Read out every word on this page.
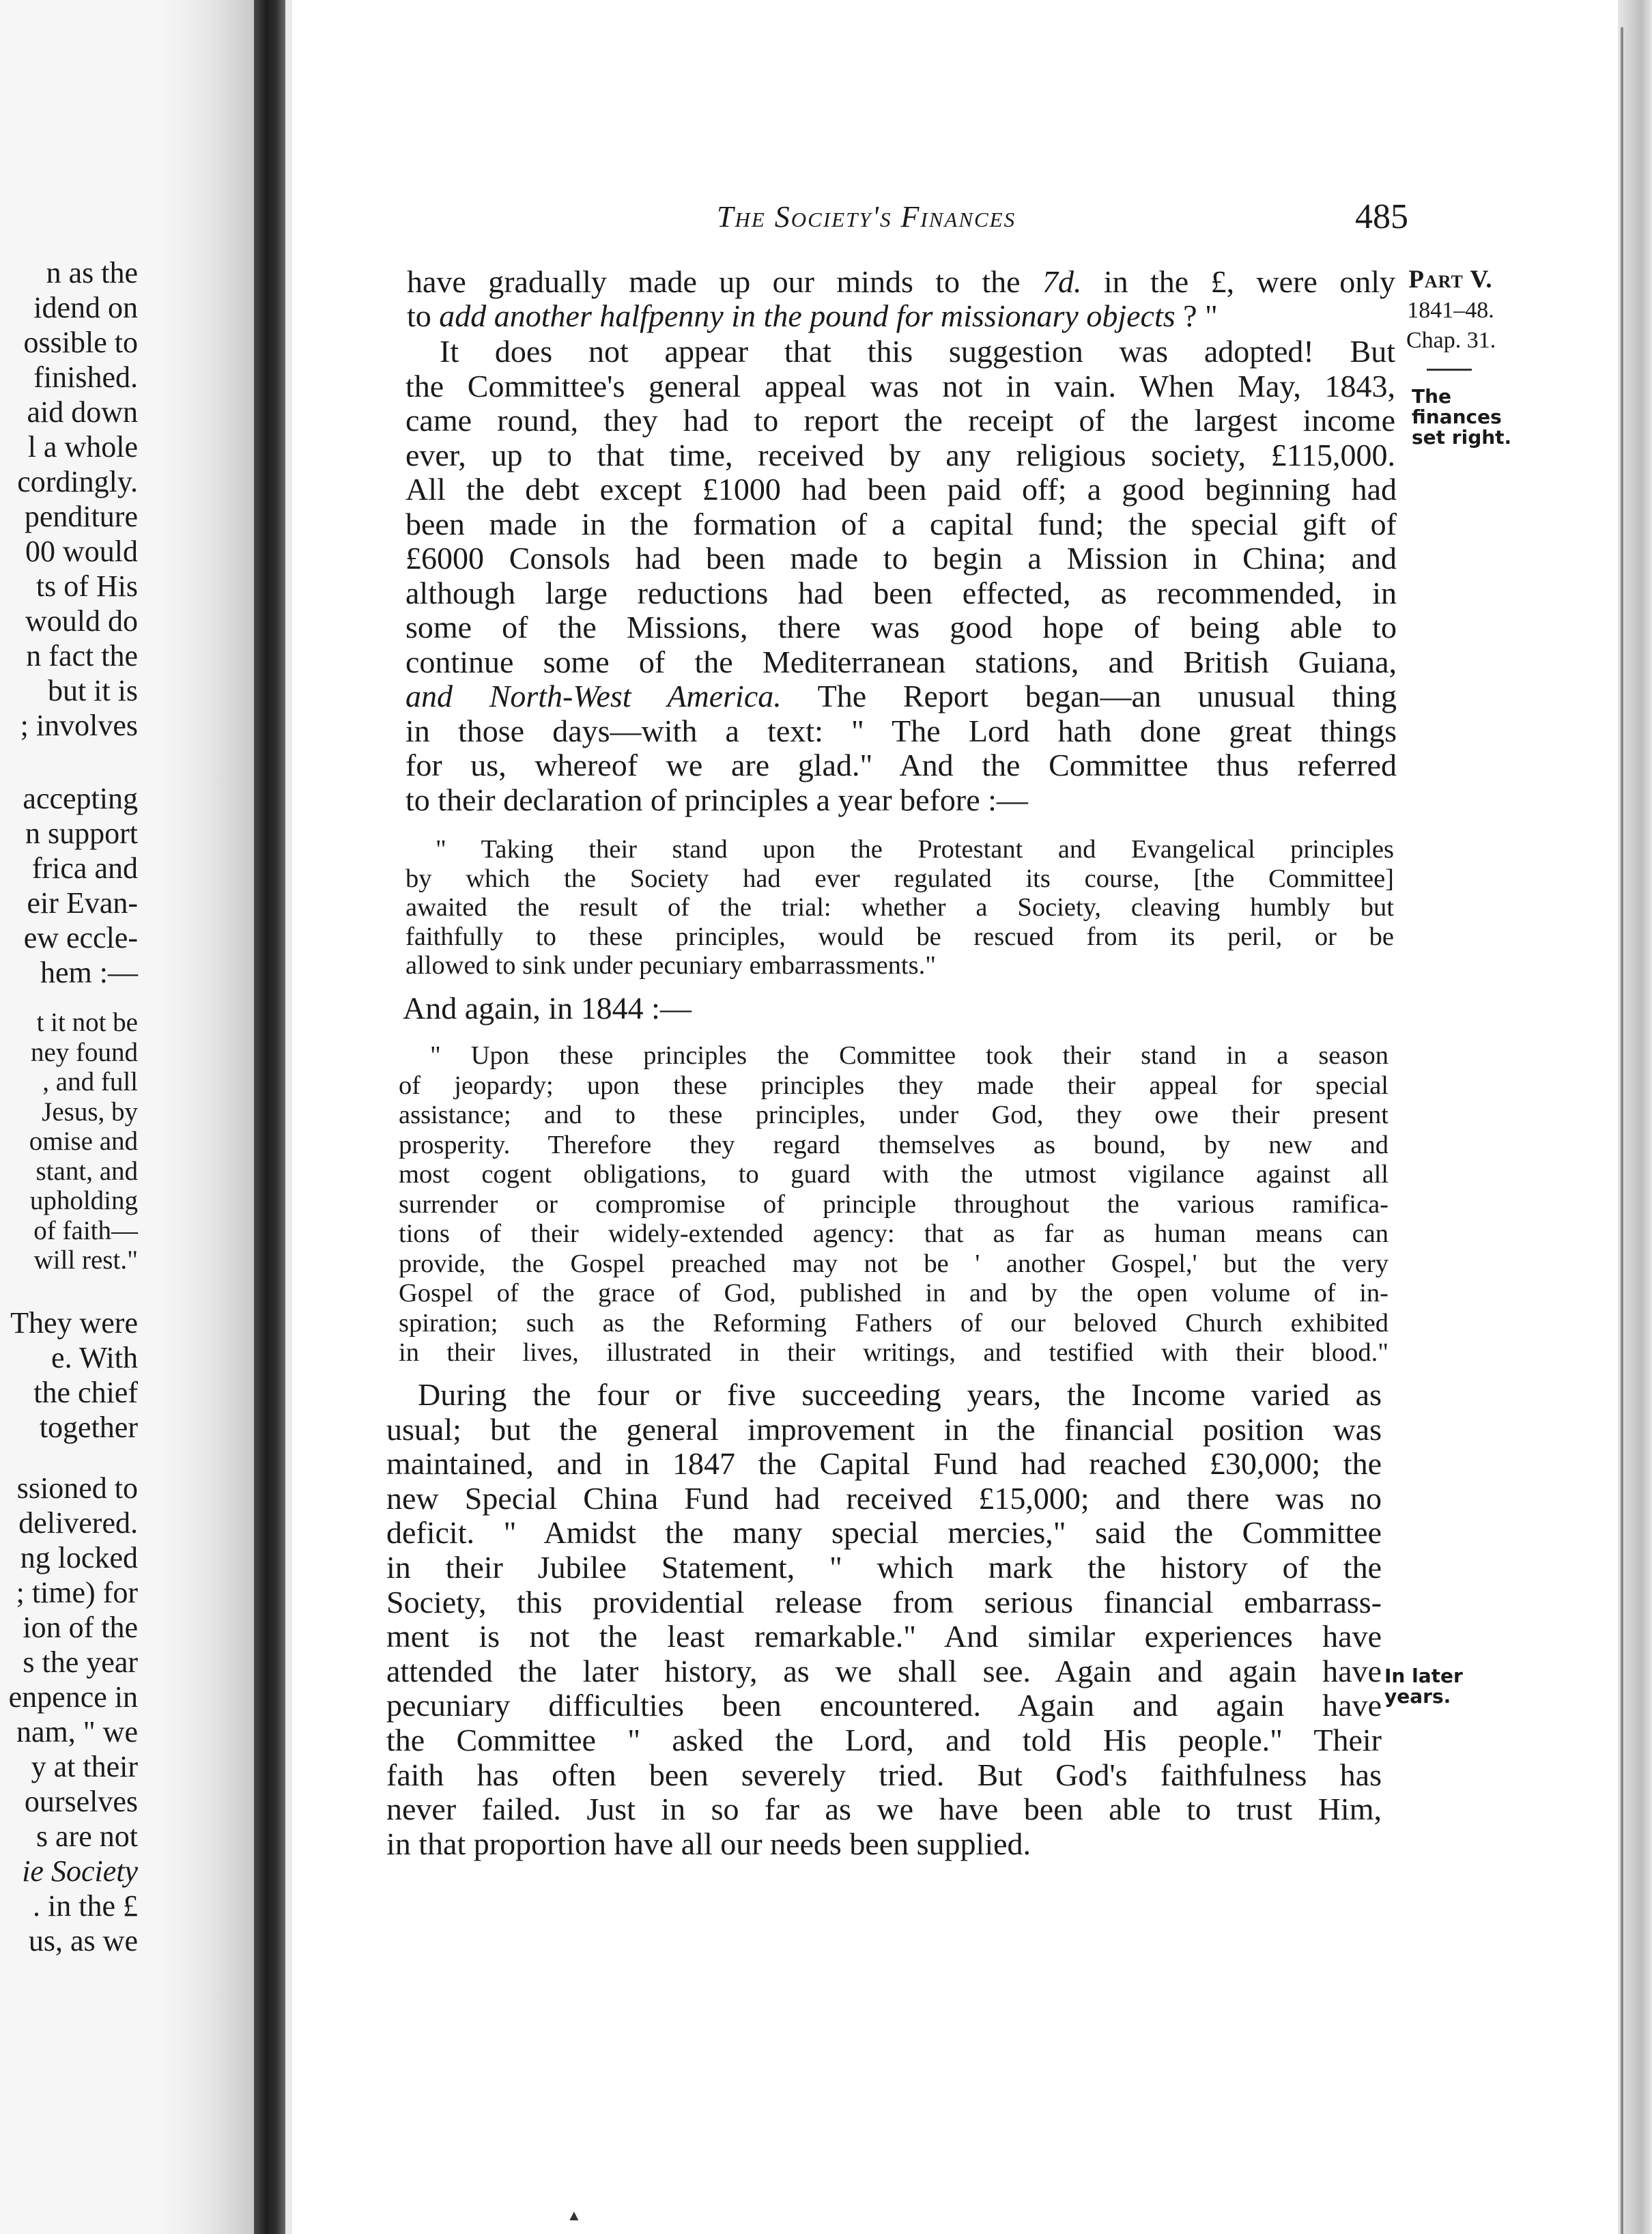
n as the
idend on
ossible to
finished.
aid down
l a whole
cordingly.
penditure
00 would
ts of His
would do
n fact the
but it is
; involves
accepting
n support
frica and
eir Evan-
ew eccle-
hem :—
t it not be
ney found
, and full
Jesus, by
omise and
stant, and
upholding
of faith—
will rest."
They were
e. With
the chief
together
ssioned to
delivered.
ng locked
; time) for
ion of the
s the year
enpence in
nam, " we
y at their
ourselves
s are not
ie Society
. in the £
us, as we
The Society's Finances	485
Part V.
1841–48.
Chap. 31.
The
finances
set right.
In later
years.
have gradually made up our minds to the 7d. in the £, were only
to add another halfpenny in the pound for missionary objects ? "
It does not appear that this suggestion was adopted! But
the Committee's general appeal was not in vain. When May, 1843,
came round, they had to report the receipt of the largest income
ever, up to that time, received by any religious society, £115,000.
All the debt except £1000 had been paid off; a good beginning had
been made in the formation of a capital fund; the special gift of
£6000 Consols had been made to begin a Mission in China; and
although large reductions had been effected, as recommended, in
some of the Missions, there was good hope of being able to
continue some of the Mediterranean stations, and British Guiana,
and North-West America. The Report began—an unusual thing
in those days—with a text: " The Lord hath done great things
for us, whereof we are glad." And the Committee thus referred
to their declaration of principles a year before :—
" Taking their stand upon the Protestant and Evangelical principles
by which the Society had ever regulated its course, [the Committee]
awaited the result of the trial: whether a Society, cleaving humbly but
faithfully to these principles, would be rescued from its peril, or be
allowed to sink under pecuniary embarrassments."
And again, in 1844 :—
" Upon these principles the Committee took their stand in a season
of jeopardy; upon these principles they made their appeal for special
assistance; and to these principles, under God, they owe their present
prosperity. Therefore they regard themselves as bound, by new and
most cogent obligations, to guard with the utmost vigilance against all
surrender or compromise of principle throughout the various ramifica-
tions of their widely-extended agency: that as far as human means can
provide, the Gospel preached may not be ' another Gospel,' but the very
Gospel of the grace of God, published in and by the open volume of in-
spiration; such as the Reforming Fathers of our beloved Church exhibited
in their lives, illustrated in their writings, and testified with their blood."
During the four or five succeeding years, the Income varied as
usual; but the general improvement in the financial position was
maintained, and in 1847 the Capital Fund had reached £30,000; the
new Special China Fund had received £15,000; and there was no
deficit. " Amidst the many special mercies," said the Committee
in their Jubilee Statement, " which mark the history of the
Society, this providential release from serious financial embarrass-
ment is not the least remarkable." And similar experiences have
attended the later history, as we shall see. Again and again have
pecuniary difficulties been encountered. Again and again have
the Committee " asked the Lord, and told His people." Their
faith has often been severely tried. But God's faithfulness has
never failed. Just in so far as we have been able to trust Him,
in that proportion have all our needs been supplied.
▲
